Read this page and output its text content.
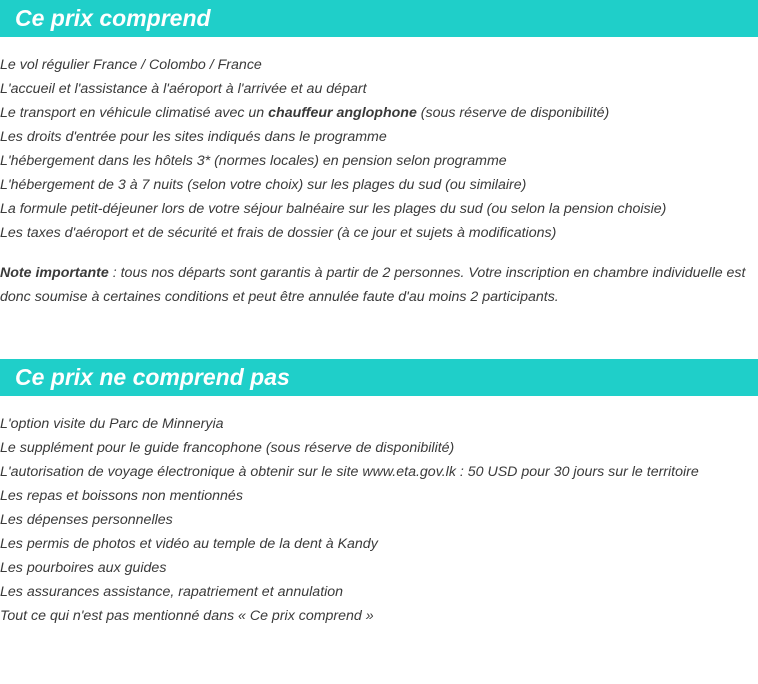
Ce prix comprend
Le vol régulier France / Colombo / France
L'accueil et l'assistance à l'aéroport à l'arrivée et au départ
Le transport en véhicule climatisé avec un chauffeur anglophone (sous réserve de disponibilité)
Les droits d'entrée pour les sites indiqués dans le programme
L'hébergement dans les hôtels 3* (normes locales) en pension selon programme
L'hébergement de 3 à 7 nuits (selon votre choix) sur les plages du sud (ou similaire)
La formule petit-déjeuner lors de votre séjour balnéaire sur les plages du sud (ou selon la pension choisie)
Les taxes d'aéroport et de sécurité et frais de dossier (à ce jour et sujets à modifications)

Note importante : tous nos départs sont garantis à partir de 2 personnes. Votre inscription en chambre individuelle est donc soumise à certaines conditions et peut être annulée faute d'au moins 2 participants.

Ce prix ne comprend pas
L'option visite du Parc de Minneryia
Le supplément pour le guide francophone (sous réserve de disponibilité)
L'autorisation de voyage électronique à obtenir sur le site www.eta.gov.lk : 50 USD pour 30 jours sur le territoire
Les repas et boissons non mentionnés
Les dépenses personnelles
Les permis de photos et vidéo au temple de la dent à Kandy
Les pourboires aux guides
Les assurances assistance, rapatriement et annulation
Tout ce qui n'est pas mentionné dans « Ce prix comprend »
